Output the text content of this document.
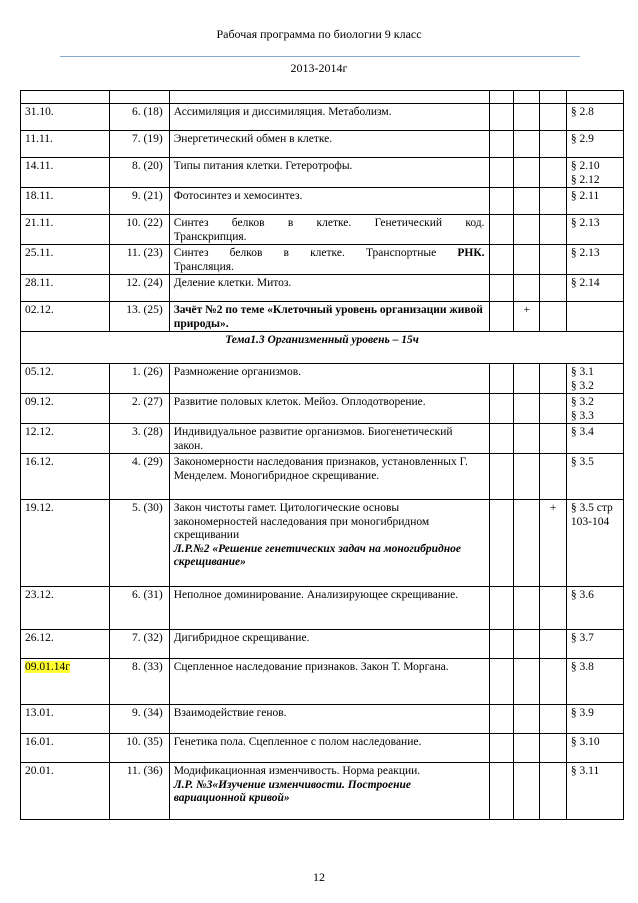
Рабочая программа по биологии 9 класс
2013-2014г

31.10.	6. (18)	Ассимиляция и диссимиляция. Метаболизм.				§ 2.8
11.11.	7. (19)	Энергетический обмен в клетке.				§ 2.9
14.11.	8. (20)	Типы питания клетки. Гетеротрофы.				§ 2.10
§ 2.12
18.11.	9. (21)	Фотосинтез и хемосинтез.				§ 2.11
21.11.	10. (22)	Синтез белков в клетке. Генетический код.
Транскрипция.				§ 2.13
25.11.	11. (23)	Синтез белков в клетке. Транспортные РНК.
Трансляция.				§ 2.13
28.11.	12. (24)	Деление клетки. Митоз.				§ 2.14
02.12.	13. (25)	Зачёт №2 по теме «Клеточный уровень организации живой природы».		+		
Тема1.3 Организменный уровень – 15ч						
05.12.	1. (26)	Размножение организмов.				§ 3.1
§ 3.2
09.12.	2. (27)	Развитие половых клеток. Мейоз. Оплодотворение.				§ 3.2
§ 3.3
12.12.	3. (28)	Индивидуальное развитие организмов. Биогенетический закон.				§ 3.4
16.12.	4. (29)	Закономерности наследования признаков, установленных Г. Менделем. Моногибридное скрещивание.				§ 3.5
19.12.	5. (30)	Закон чистоты гамет. Цитологические основы закономерностей наследования при моногибридном скрещивании
Л.Р.№2 «Решение генетических задач на моногибридное скрещивание»			+	§ 3.5 стр 103-104
23.12.	6. (31)	Неполное доминирование. Анализирующее скрещивание.				§ 3.6
26.12.	7. (32)	Дигибридное скрещивание.				§ 3.7
09.01.14г	8. (33)	Сцепленное наследование признаков. Закон Т. Моргана.				§ 3.8
13.01.	9. (34)	Взаимодействие генов.				§ 3.9
16.01.	10. (35)	Генетика пола. Сцепленное с полом наследование.				§ 3.10
20.01.	11. (36)	Модификационная изменчивость. Норма реакции.
Л.Р. №3«Изучение изменчивости. Построение вариационной кривой»				§ 3.11
12
